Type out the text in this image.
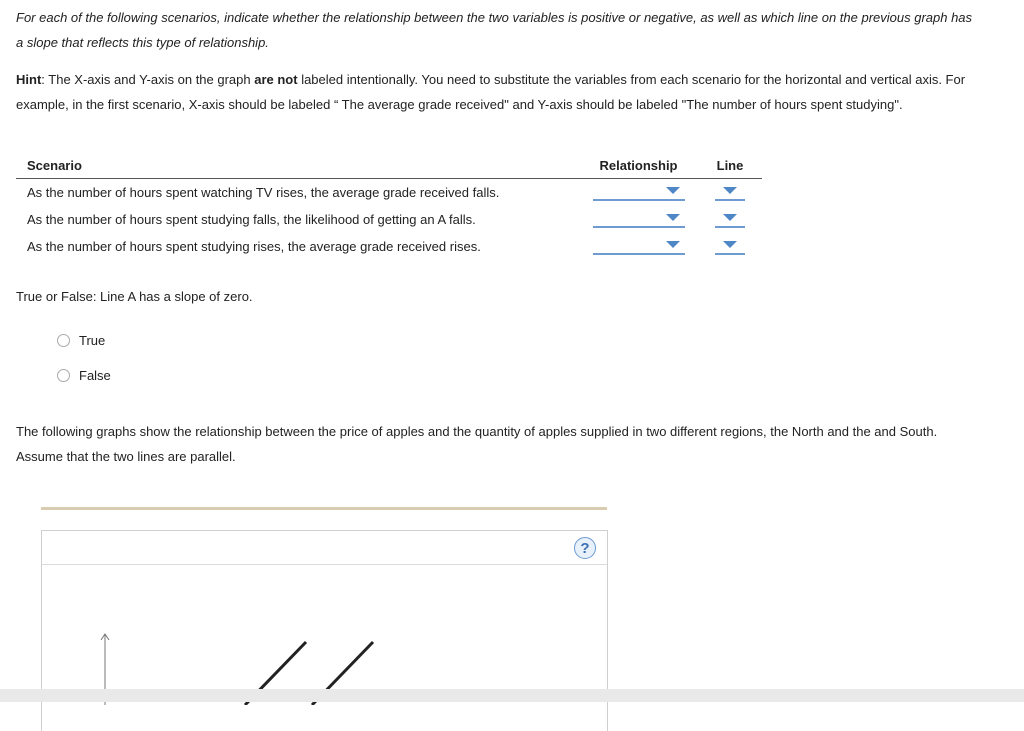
For each of the following scenarios, indicate whether the relationship between the two variables is positive or negative, as well as which line on the previous graph has a slope that reflects this type of relationship.

Hint: The X-axis and Y-axis on the graph are not labeled intentionally. You need to substitute the variables from each scenario for the horizontal and vertical axis. For example, in the first scenario, X-axis should be labeled “ The average grade received" and Y-axis should be labeled "The number of hours spent studying".

Scenario	Relationship	Line
As the number of hours spent watching TV rises, the average grade received falls.	

As the number of hours spent studying falls, the likelihood of getting an A falls.	

As the number of hours spent studying rises, the average grade received rises.	

True or False: Line A has a slope of zero.
True
False

The following graphs show the relationship between the price of apples and the quantity of apples supplied in two different regions, the North and the and South. Assume that the two lines are parallel.

?
